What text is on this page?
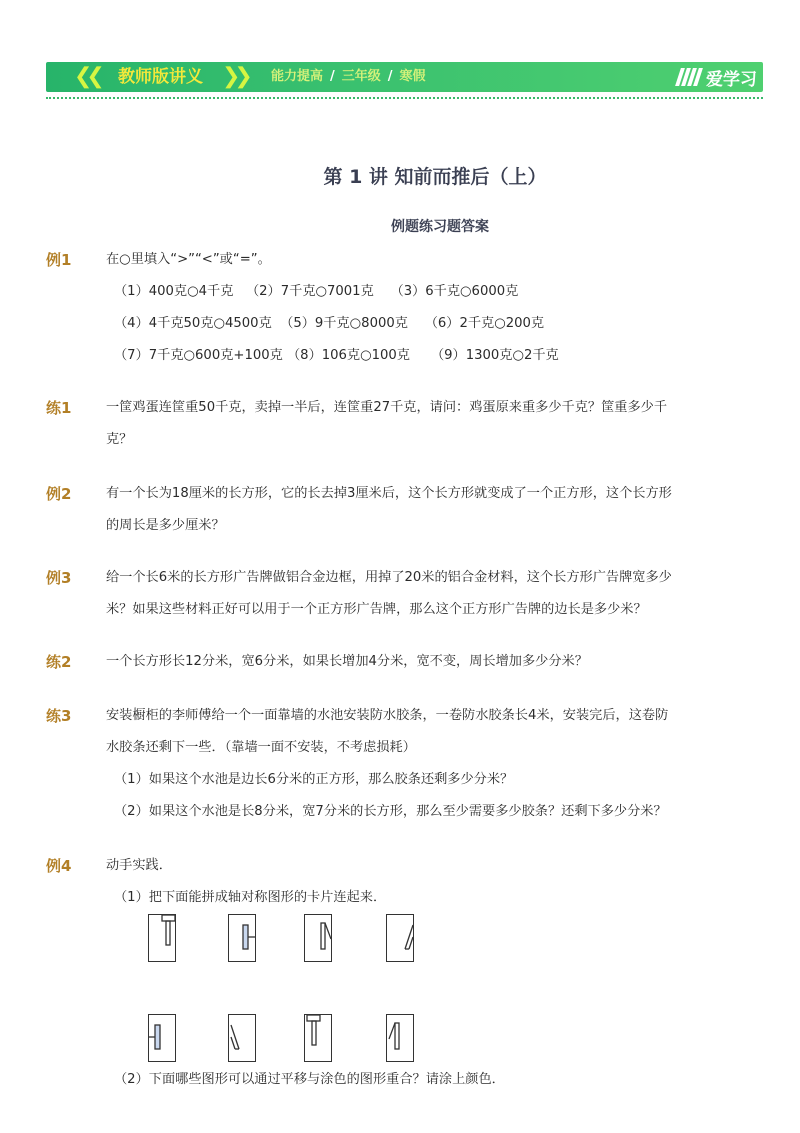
❮❮ 教师版讲义 ❯❯ 能力提高 / 三年级 / 寒假	爱学习
第 1 讲 知前而推后（上）
例题练习题答案
例1	在○里填入“>”“<”或“=”。
（1）400克○4千克   （2）7千克○7001克    （3）6千克○6000克
（4）4千克50克○4500克  （5）9千克○8000克    （6）2千克○200克
（7）7千克○600克+100克 （8）106克○100克     （9）1300克○2千克
练1	一筐鸡蛋连筐重50千克，卖掉一半后，连筐重27千克，请问：鸡蛋原来重多少千克？筐重多少千
克？
例2	有一个长为18厘米的长方形，它的长去掉3厘米后，这个长方形就变成了一个正方形，这个长方形
的周长是多少厘米？
例3	给一个长6米的长方形广告牌做铝合金边框，用掉了20米的铝合金材料，这个长方形广告牌宽多少
米？如果这些材料正好可以用于一个正方形广告牌，那么这个正方形广告牌的边长是多少米？
练2	一个长方形长12分米，宽6分米，如果长增加4分米，宽不变，周长增加多少分米？
练3	安装橱柜的李师傅给一个一面靠墙的水池安装防水胶条，一卷防水胶条长4米，安装完后，这卷防
水胶条还剩下一些．（靠墙一面不安装，不考虑损耗）
（1）如果这个水池是边长6分米的正方形，那么胶条还剩多少分米？
（2）如果这个水池是长8分米，宽7分米的长方形，那么至少需要多少胶条？还剩下多少分米？
例4	动手实践．
（1）把下面能拼成轴对称图形的卡片连起来．
（2）下面哪些图形可以通过平移与涂色的图形重合？请涂上颜色．
